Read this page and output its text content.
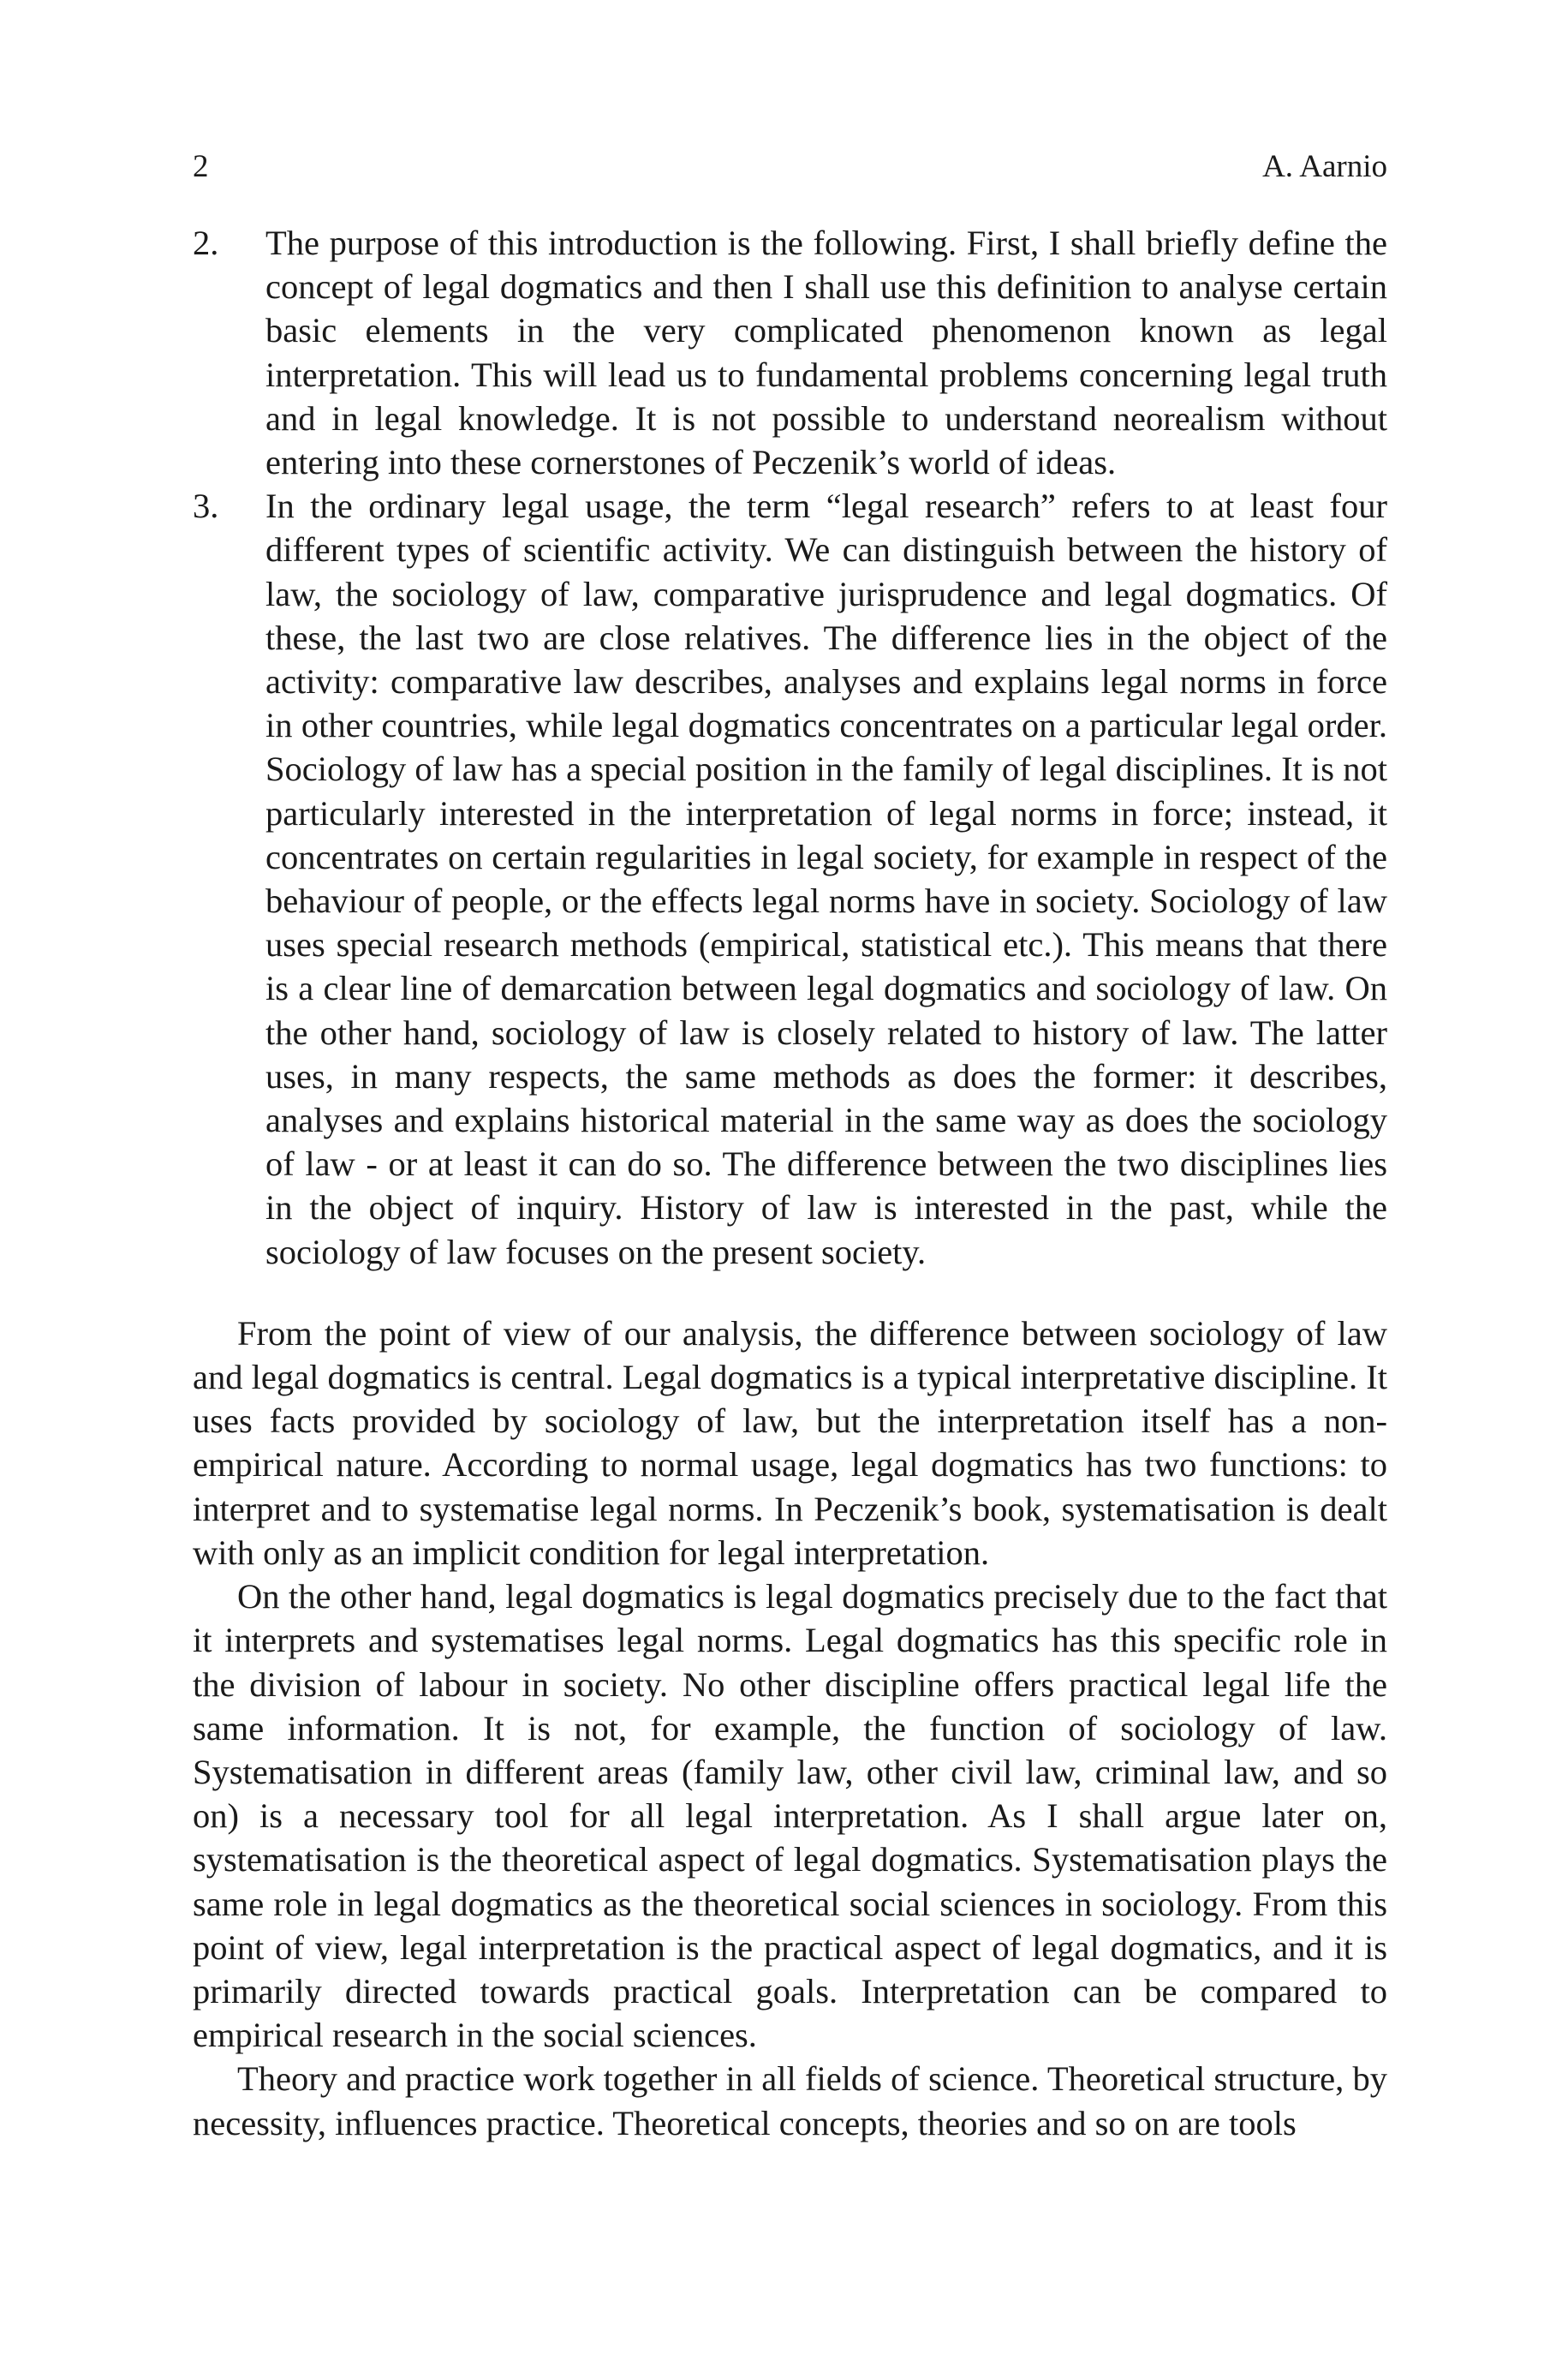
2	A. Aarnio
2.	The purpose of this introduction is the following. First, I shall briefly define the concept of legal dogmatics and then I shall use this definition to analyse certain basic elements in the very complicated phenomenon known as legal interpretation. This will lead us to fundamental problems concerning legal truth and in legal knowledge. It is not possible to understand neorealism without entering into these cornerstones of Peczenik’s world of ideas.

3.	In the ordinary legal usage, the term “legal research” refers to at least four different types of scientific activity. We can distinguish between the history of law, the sociology of law, comparative jurisprudence and legal dogmatics. Of these, the last two are close relatives. The difference lies in the object of the activity: comparative law describes, analyses and explains legal norms in force in other countries, while legal dogmatics concentrates on a particular legal order. Sociology of law has a special position in the family of legal disciplines. It is not particularly interested in the interpretation of legal norms in force; instead, it concentrates on certain regularities in legal society, for example in respect of the behaviour of people, or the effects legal norms have in society. Sociology of law uses special research methods (empirical, statistical etc.). This means that there is a clear line of demarcation between legal dogmatics and sociology of law. On the other hand, sociology of law is closely related to history of law. The latter uses, in many respects, the same methods as does the former: it describes, analyses and explains historical material in the same way as does the sociology of law - or at least it can do so. The difference between the two disciplines lies in the object of inquiry. History of law is interested in the past, while the sociology of law focuses on the present society.

From the point of view of our analysis, the difference between sociology of law and legal dogmatics is central. Legal dogmatics is a typical interpretative discipline. It uses facts provided by sociology of law, but the interpretation itself has a nonempirical nature. According to normal usage, legal dogmatics has two functions: to interpret and to systematise legal norms. In Peczenik’s book, systematisation is dealt with only as an implicit condition for legal interpretation.

On the other hand, legal dogmatics is legal dogmatics precisely due to the fact that it interprets and systematises legal norms. Legal dogmatics has this specific role in the division of labour in society. No other discipline offers practical legal life the same information. It is not, for example, the function of sociology of law. Systematisation in different areas (family law, other civil law, criminal law, and so on) is a necessary tool for all legal interpretation. As I shall argue later on, systematisation is the theoretical aspect of legal dogmatics. Systematisation plays the same role in legal dogmatics as the theoretical social sciences in sociology. From this point of view, legal interpretation is the practical aspect of legal dogmatics, and it is primarily directed towards practical goals. Interpretation can be compared to empirical research in the social sciences.

Theory and practice work together in all fields of science. Theoretical structure, by necessity, influences practice. Theoretical concepts, theories and so on are tools
